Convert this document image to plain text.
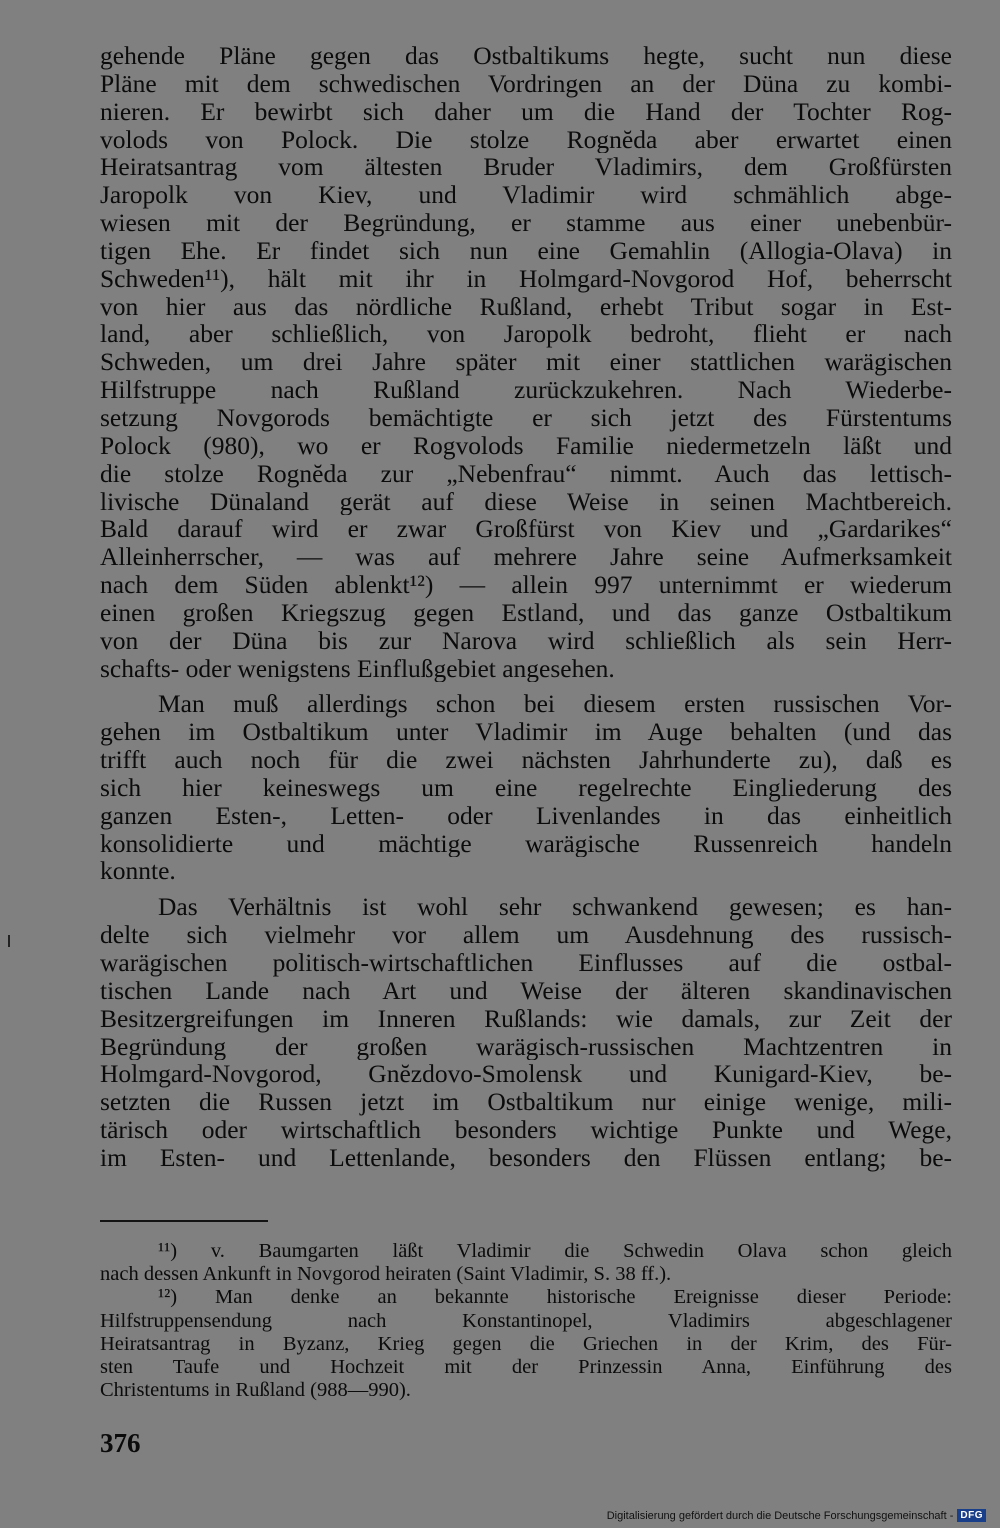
gehende Pläne gegen das Ostbaltikums hegte, sucht nun diese
Pläne mit dem schwedischen Vordringen an der Düna zu kombi-
nieren. Er bewirbt sich daher um die Hand der Tochter Rog-
volods von Polock. Die stolze Rognĕda aber erwartet einen
Heiratsantrag vom ältesten Bruder Vladimirs, dem Großfürsten
Jaropolk von Kiev, und Vladimir wird schmählich abge-
wiesen mit der Begründung, er stamme aus einer unebenbür-
tigen Ehe. Er findet sich nun eine Gemahlin (Allogia-Olava) in
Schweden¹¹), hält mit ihr in Holmgard-Novgorod Hof, beherrscht
von hier aus das nördliche Rußland, erhebt Tribut sogar in Est-
land, aber schließlich, von Jaropolk bedroht, flieht er nach
Schweden, um drei Jahre später mit einer stattlichen warägischen
Hilfstruppe nach Rußland zurückzukehren. Nach Wiederbe-
setzung Novgorods bemächtigte er sich jetzt des Fürstentums
Polock (980), wo er Rogvolods Familie niedermetzeln läßt und
die stolze Rognĕda zur „Nebenfrau“ nimmt. Auch das lettisch-
livische Dünaland gerät auf diese Weise in seinen Machtbereich.
Bald darauf wird er zwar Großfürst von Kiev und „Gardarikes“
Alleinherrscher, — was auf mehrere Jahre seine Aufmerksamkeit
nach dem Süden ablenkt¹²) — allein 997 unternimmt er wiederum
einen großen Kriegszug gegen Estland, und das ganze Ostbaltikum
von der Düna bis zur Narova wird schließlich als sein Herr-
schafts- oder wenigstens Einflußgebiet angesehen.
Man muß allerdings schon bei diesem ersten russischen Vor-
gehen im Ostbaltikum unter Vladimir im Auge behalten (und das
trifft auch noch für die zwei nächsten Jahrhunderte zu), daß es
sich hier keineswegs um eine regelrechte Eingliederung des
ganzen Esten-, Letten- oder Livenlandes in das einheitlich
konsolidierte und mächtige warägische Russenreich handeln
konnte.
Das Verhältnis ist wohl sehr schwankend gewesen; es han-
delte sich vielmehr vor allem um Ausdehnung des russisch-
warägischen politisch-wirtschaftlichen Einflusses auf die ostbal-
tischen Lande nach Art und Weise der älteren skandinavischen
Besitzergreifungen im Inneren Rußlands: wie damals, zur Zeit der
Begründung der großen warägisch-russischen Machtzentren in
Holmgard-Novgorod, Gnĕzdovo-Smolensk und Kunigard-Kiev, be-
setzten die Russen jetzt im Ostbaltikum nur einige wenige, mili-
tärisch oder wirtschaftlich besonders wichtige Punkte und Wege,
im Esten- und Lettenlande, besonders den Flüssen entlang; be-
¹¹) v. Baumgarten läßt Vladimir die Schwedin Olava schon gleich
nach dessen Ankunft in Novgorod heiraten (Saint Vladimir, S. 38 ff.).
¹²) Man denke an bekannte historische Ereignisse dieser Periode:
Hilfstruppensendung nach Konstantinopel, Vladimirs abgeschlagener
Heiratsantrag in Byzanz, Krieg gegen die Griechen in der Krim, des Für-
sten Taufe und Hochzeit mit der Prinzessin Anna, Einführung des
Christentums in Rußland (988—990).
376
Digitalisierung gefördert durch die Deutsche Forschungsgemeinschaft - DFG
